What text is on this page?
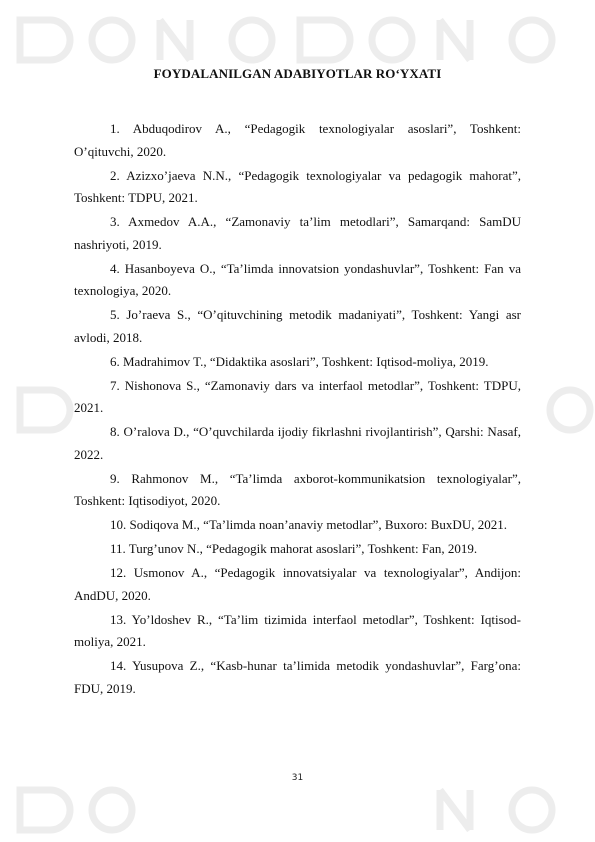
FOYDALANILGAN ADABIYOTLAR RO‘YXATI

1. Abduqodirov A., “Pedagogik texnologiyalar asoslari”, Toshkent: O’qituvchi, 2020.

2. Azizxo’jaeva N.N., “Pedagogik texnologiyalar va pedagogik mahorat”, Toshkent: TDPU, 2021.

3. Axmedov A.A., “Zamonaviy ta’lim metodlari”, Samarqand: SamDU nashriyoti, 2019.

4. Hasanboyeva O., “Ta’limda innovatsion yondashuvlar”, Toshkent: Fan va texnologiya, 2020.

5. Jo’raeva S., “O’qituvchining metodik madaniyati”, Toshkent: Yangi asr avlodi, 2018.

6. Madrahimov T., “Didaktika asoslari”, Toshkent: Iqtisod-moliya, 2019.

7. Nishonova S., “Zamonaviy dars va interfaol metodlar”, Toshkent: TDPU, 2021.

8. O’ralova D., “O’quvchilarda ijodiy fikrlashni rivojlantirish”, Qarshi: Nasaf, 2022.

9. Rahmonov M., “Ta’limda axborot-kommunikatsion texnologiyalar”, Toshkent: Iqtisodiyot, 2020.

10. Sodiqova M., “Ta’limda noan’anaviy metodlar”, Buxoro: BuxDU, 2021.

11. Turg’unov N., “Pedagogik mahorat asoslari”, Toshkent: Fan, 2019.

12. Usmonov A., “Pedagogik innovatsiyalar va texnologiyalar”, Andijon: AndDU, 2020.

13. Yo’ldoshev R., “Ta’lim tizimida interfaol metodlar”, Toshkent: Iqtisod-moliya, 2021.

14. Yusupova Z., “Kasb-hunar ta’limida metodik yondashuvlar”, Farg’ona: FDU, 2019.

31
